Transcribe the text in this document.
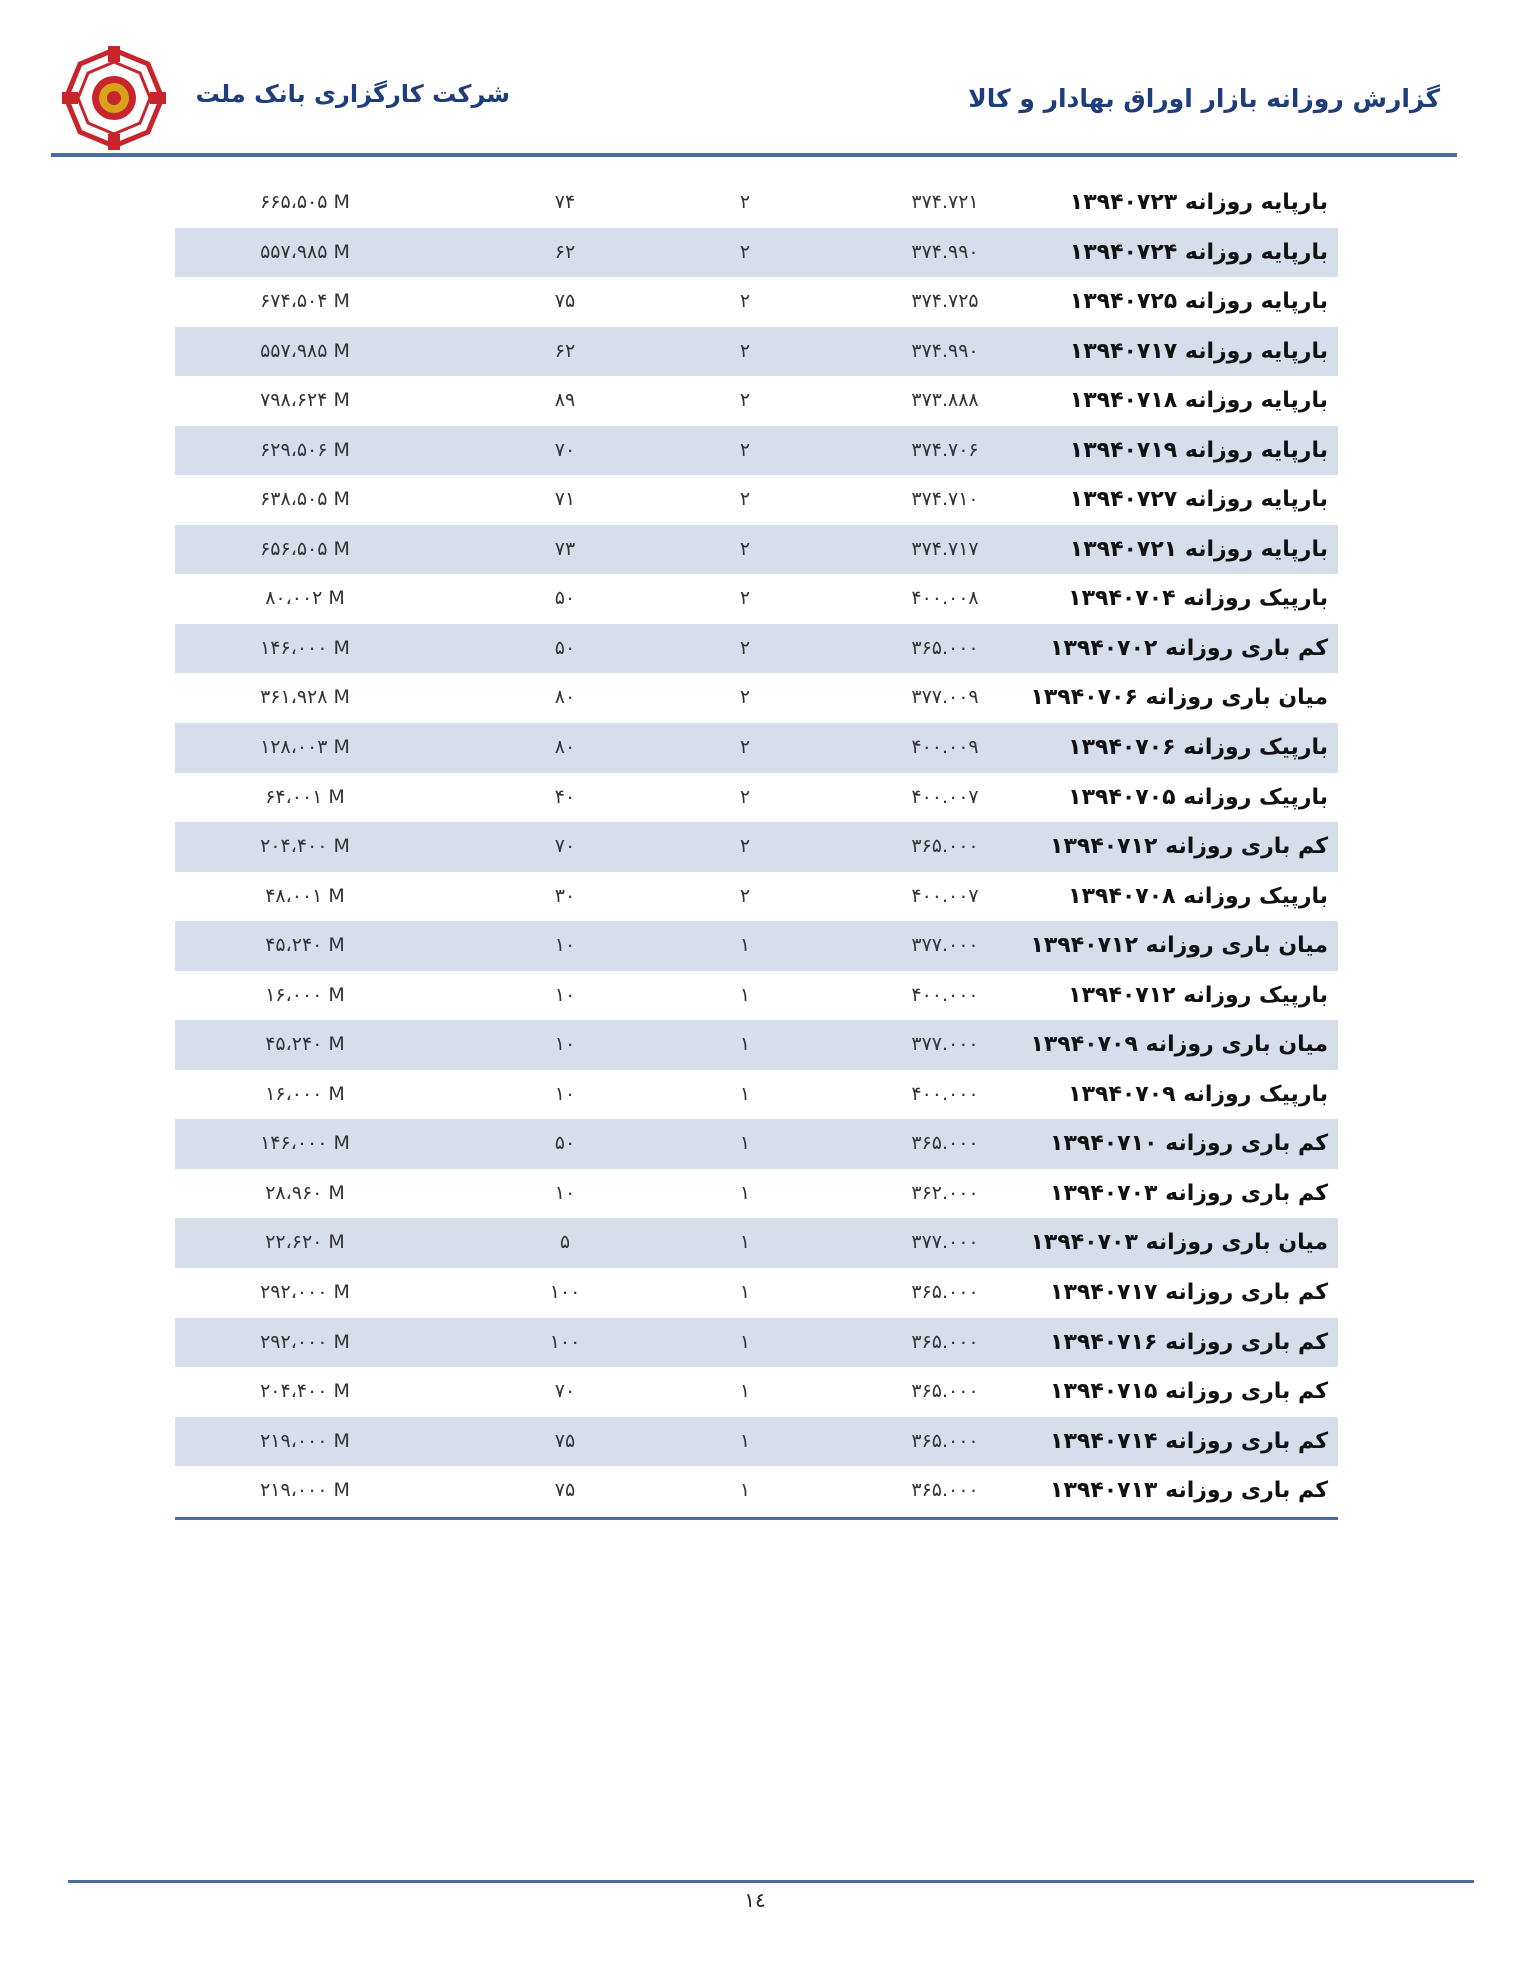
شرکت کارگزاری بانک ملت	گزارش روزانه بازار اوراق بهادار و کالا
بارپایه روزانه ۱۳۹۴۰۷۲۳
۳۷۴.۷۲۱
۲
۷۴
۶۶۵،۵۰۵ M
بارپایه روزانه ۱۳۹۴۰۷۲۴
۳۷۴.۹۹۰
۲
۶۲
۵۵۷،۹۸۵ M
بارپایه روزانه ۱۳۹۴۰۷۲۵
۳۷۴.۷۲۵
۲
۷۵
۶۷۴،۵۰۴ M
بارپایه روزانه ۱۳۹۴۰۷۱۷
۳۷۴.۹۹۰
۲
۶۲
۵۵۷،۹۸۵ M
بارپایه روزانه ۱۳۹۴۰۷۱۸
۳۷۳.۸۸۸
۲
۸۹
۷۹۸،۶۲۴ M
بارپایه روزانه ۱۳۹۴۰۷۱۹
۳۷۴.۷۰۶
۲
۷۰
۶۲۹،۵۰۶ M
بارپایه روزانه ۱۳۹۴۰۷۲۷
۳۷۴.۷۱۰
۲
۷۱
۶۳۸،۵۰۵ M
بارپایه روزانه ۱۳۹۴۰۷۲۱
۳۷۴.۷۱۷
۲
۷۳
۶۵۶،۵۰۵ M
بارپیک روزانه ۱۳۹۴۰۷۰۴
۴۰۰.۰۰۸
۲
۵۰
۸۰،۰۰۲ M
کم باری روزانه ۱۳۹۴۰۷۰۲
۳۶۵.۰۰۰
۲
۵۰
۱۴۶،۰۰۰ M
میان باری روزانه ۱۳۹۴۰۷۰۶
۳۷۷.۰۰۹
۲
۸۰
۳۶۱،۹۲۸ M
بارپیک روزانه ۱۳۹۴۰۷۰۶
۴۰۰.۰۰۹
۲
۸۰
۱۲۸،۰۰۳ M
بارپیک روزانه ۱۳۹۴۰۷۰۵
۴۰۰.۰۰۷
۲
۴۰
۶۴،۰۰۱ M
کم باری روزانه ۱۳۹۴۰۷۱۲
۳۶۵.۰۰۰
۲
۷۰
۲۰۴،۴۰۰ M
بارپیک روزانه ۱۳۹۴۰۷۰۸
۴۰۰.۰۰۷
۲
۳۰
۴۸،۰۰۱ M
میان باری روزانه ۱۳۹۴۰۷۱۲
۳۷۷.۰۰۰
۱
۱۰
۴۵،۲۴۰ M
بارپیک روزانه ۱۳۹۴۰۷۱۲
۴۰۰.۰۰۰
۱
۱۰
۱۶،۰۰۰ M
میان باری روزانه ۱۳۹۴۰۷۰۹
۳۷۷.۰۰۰
۱
۱۰
۴۵،۲۴۰ M
بارپیک روزانه ۱۳۹۴۰۷۰۹
۴۰۰.۰۰۰
۱
۱۰
۱۶،۰۰۰ M
کم باری روزانه ۱۳۹۴۰۷۱۰
۳۶۵.۰۰۰
۱
۵۰
۱۴۶،۰۰۰ M
کم باری روزانه ۱۳۹۴۰۷۰۳
۳۶۲.۰۰۰
۱
۱۰
۲۸،۹۶۰ M
میان باری روزانه ۱۳۹۴۰۷۰۳
۳۷۷.۰۰۰
۱
۵
۲۲،۶۲۰ M
کم باری روزانه ۱۳۹۴۰۷۱۷
۳۶۵.۰۰۰
۱
۱۰۰
۲۹۲،۰۰۰ M
کم باری روزانه ۱۳۹۴۰۷۱۶
۳۶۵.۰۰۰
۱
۱۰۰
۲۹۲،۰۰۰ M
کم باری روزانه ۱۳۹۴۰۷۱۵
۳۶۵.۰۰۰
۱
۷۰
۲۰۴،۴۰۰ M
کم باری روزانه ۱۳۹۴۰۷۱۴
۳۶۵.۰۰۰
۱
۷۵
۲۱۹،۰۰۰ M
کم باری روزانه ۱۳۹۴۰۷۱۳
۳۶۵.۰۰۰
۱
۷۵
۲۱۹،۰۰۰ M
١٤
